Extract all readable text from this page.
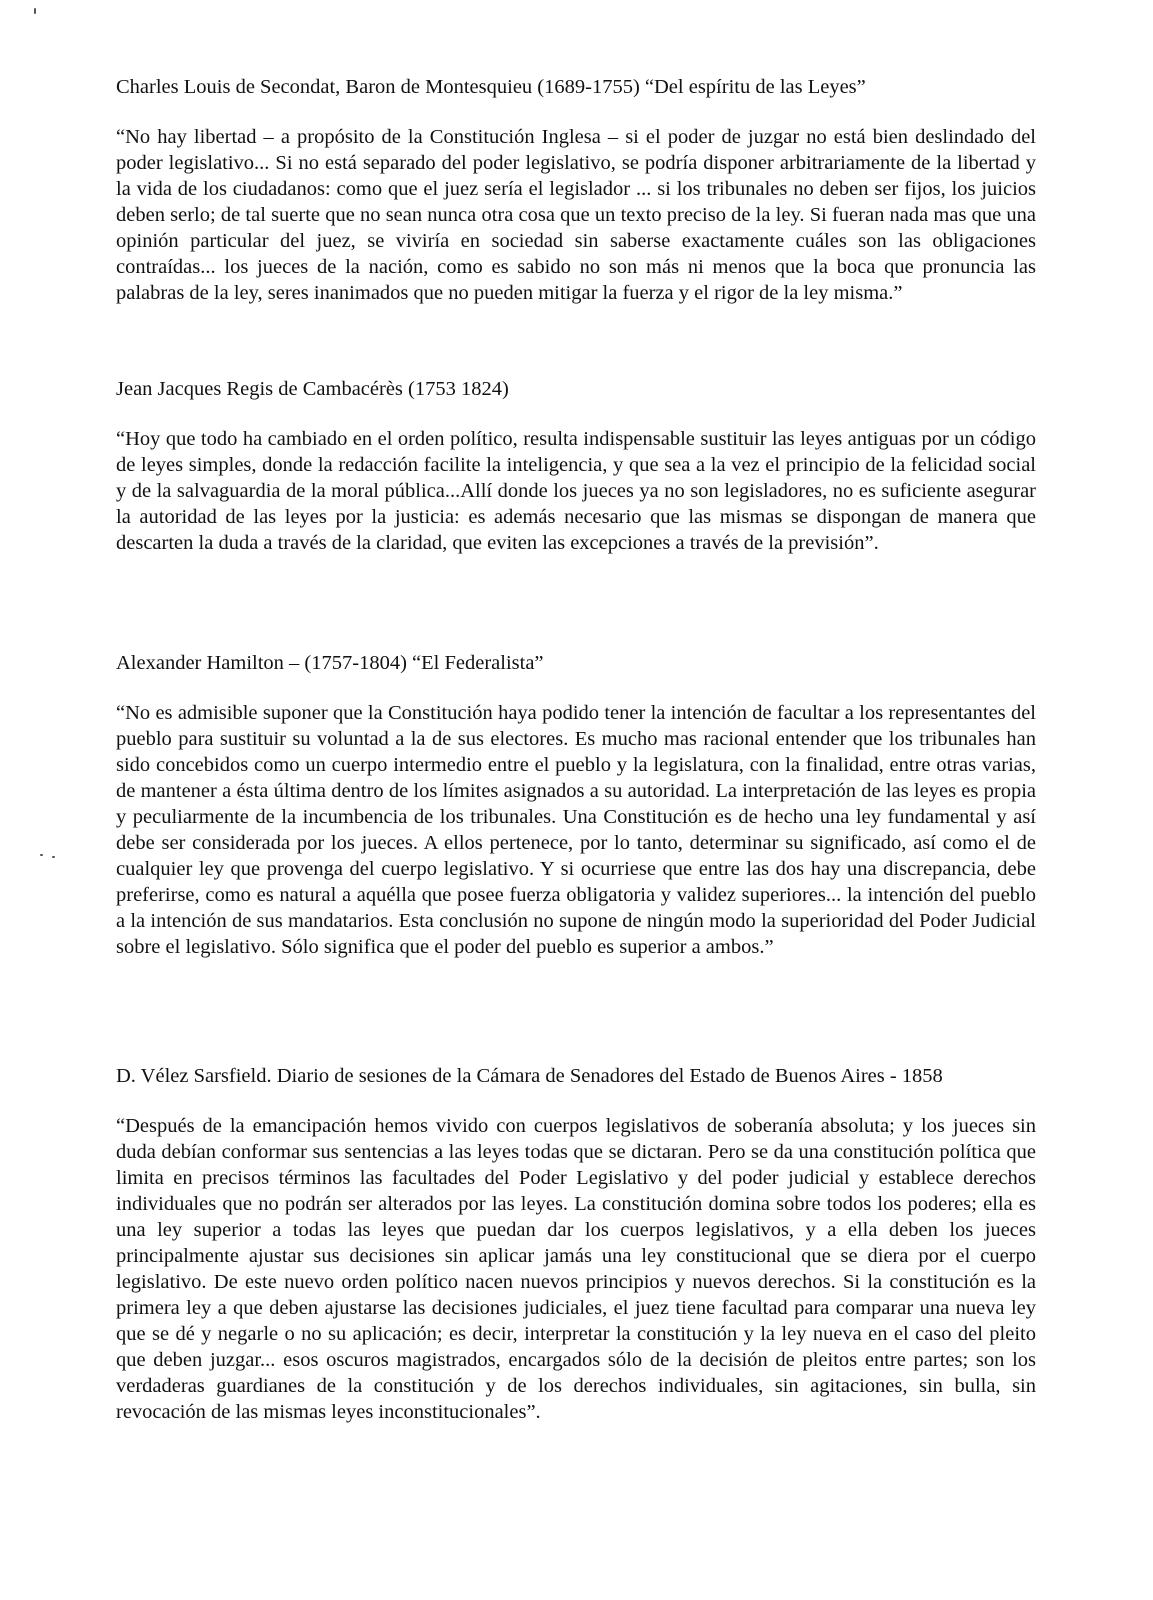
Charles Louis de Secondat, Baron de Montesquieu (1689-1755) “Del espíritu de las Leyes”

“No hay libertad – a propósito de la Constitución Inglesa – si el poder de juzgar no está bien deslindado del poder legislativo... Si no está separado del poder legislativo, se podría disponer arbitrariamente de la libertad y la vida de los ciudadanos: como que el juez sería el legislador ... si los tribunales no deben ser fijos, los juicios deben serlo; de tal suerte que no sean nunca otra cosa que un texto preciso de la ley. Si fueran nada mas que una opinión particular del juez, se viviría en sociedad sin saberse exactamente cuáles son las obligaciones contraídas... los jueces de la nación, como es sabido no son más ni menos que la boca que pronuncia las palabras de la ley, seres inanimados que no pueden mitigar la fuerza y el rigor de la ley misma.”

Jean Jacques Regis de Cambacérès (1753 1824)

“Hoy que todo ha cambiado en el orden político, resulta indispensable sustituir las leyes antiguas por un código de leyes simples, donde la redacción facilite la inteligencia, y que sea a la vez el principio de la felicidad social y de la salvaguardia de la moral pública...Allí donde los jueces ya no son legisladores, no es suficiente asegurar la autoridad de las leyes por la justicia: es además necesario que las mismas se dispongan de manera que descarten la duda a través de la claridad, que eviten las excepciones a través de la previsión”.

Alexander Hamilton – (1757-1804) “El Federalista”

“No es admisible suponer que la Constitución haya podido tener la intención de facultar a los representantes del pueblo para sustituir su voluntad a la de sus electores. Es mucho mas racional entender que los tribunales han sido concebidos como un cuerpo intermedio entre el pueblo y la legislatura, con la finalidad, entre otras varias, de mantener a ésta última dentro de los límites asignados a su autoridad. La interpretación de las leyes es propia y peculiarmente de la incumbencia de los tribunales. Una Constitución es de hecho una ley fundamental y así debe ser considerada por los jueces. A ellos pertenece, por lo tanto, determinar su significado, así como el de cualquier ley que provenga del cuerpo legislativo. Y si ocurriese que entre las dos hay una discrepancia, debe preferirse, como es natural a aquélla que posee fuerza obligatoria y validez superiores... la intención del pueblo a la intención de sus mandatarios. Esta conclusión no supone de ningún modo la superioridad del Poder Judicial sobre el legislativo. Sólo significa que el poder del pueblo es superior a ambos.”

D. Vélez Sarsfield. Diario de sesiones de la Cámara de Senadores del Estado de Buenos Aires - 1858

“Después de la emancipación hemos vivido con cuerpos legislativos de soberanía absoluta; y los jueces sin duda debían conformar sus sentencias a las leyes todas que se dictaran. Pero se da una constitución política que limita en precisos términos las facultades del Poder Legislativo y del poder judicial y establece derechos individuales que no podrán ser alterados por las leyes. La constitución domina sobre todos los poderes; ella es una ley superior a todas las leyes que puedan dar los cuerpos legislativos, y a ella deben los jueces principalmente ajustar sus decisiones sin aplicar jamás una ley constitucional que se diera por el cuerpo legislativo. De este nuevo orden político nacen nuevos principios y nuevos derechos. Si la constitución es la primera ley a que deben ajustarse las decisiones judiciales, el juez tiene facultad para comparar una nueva ley que se dé y negarle o no su aplicación; es decir, interpretar la constitución y la ley nueva en el caso del pleito que deben juzgar... esos oscuros magistrados, encargados sólo de la decisión de pleitos entre partes; son los verdaderas guardianes de la constitución y de los derechos individuales, sin agitaciones, sin bulla, sin revocación de las mismas leyes inconstitucionales”.
